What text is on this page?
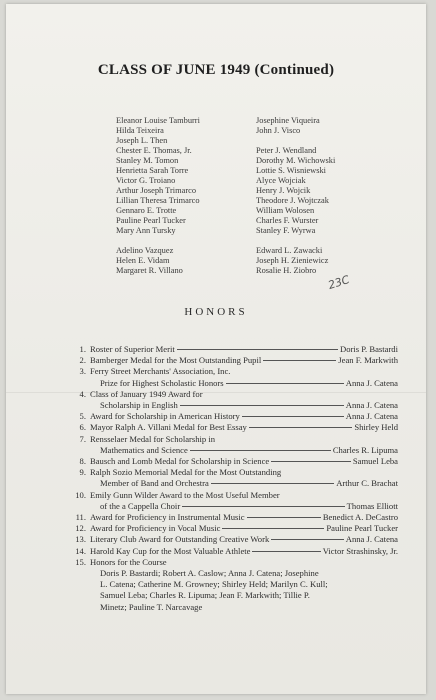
CLASS OF JUNE 1949 (Continued)
Eleanor Louise Tamburri
Hilda Teixeira
Joseph L. Then
Chester E. Thomas, Jr.
Stanley M. Tomon
Henrietta Sarah Torre
Victor G. Troiano
Arthur Joseph Trimarco
Lillian Theresa Trimarco
Gennaro E. Trotte
Pauline Pearl Tucker
Mary Ann Tursky
Adelino Vazquez
Helen E. Vidam
Margaret R. Villano
Josephine Viqueira
John J. Visco
Peter J. Wendland
Dorothy M. Wichowski
Lottie S. Wisniewski
Alyce Wojciak
Henry J. Wojcik
Theodore J. Wojtczak
William Wolosen
Charles F. Wurster
Stanley F. Wyrwa
Edward L. Zawacki
Joseph H. Zieniewicz
Rosalie H. Ziobro
23C
HONORS
1. Roster of Superior Merit	Doris P. Bastardi
2. Bamberger Medal for the Most Outstanding Pupil	Jean F. Markwith
3. Ferry Street Merchants' Association, Inc.
Prize for Highest Scholastic Honors	Anna J. Catena
4. Class of January 1949 Award for
Scholarship in English	Anna J. Catena
5. Award for Scholarship in American History	Anna J. Catena
6. Mayor Ralph A. Villani Medal for Best Essay	Shirley Held
7. Rensselaer Medal for Scholarship in
Mathematics and Science	Charles R. Lipuma
8. Bausch and Lomb Medal for Scholarship in Science	Samuel Leba
9. Ralph Sozio Memorial Medal for the Most Outstanding
Member of Band and Orchestra	Arthur C. Brachat
10. Emily Gunn Wilder Award to the Most Useful Member
of the a Cappella Choir	Thomas Elliott
11. Award for Proficiency in Instrumental Music	Benedict A. DeCastro
12. Award for Proficiency in Vocal Music	Pauline Pearl Tucker
13. Literary Club Award for Outstanding Creative Work	Anna J. Catena
14. Harold Kay Cup for the Most Valuable Athlete	Victor Strashinsky, Jr.
15. Honors for the Course
Doris P. Bastardi; Robert A. Caslow; Anna J. Catena; Josephine
L. Catena; Catherine M. Growney; Shirley Held; Marilyn C. Kull;
Samuel Leba; Charles R. Lipuma; Jean F. Markwith; Tillie P.
Minetz; Pauline T. Narcavage
